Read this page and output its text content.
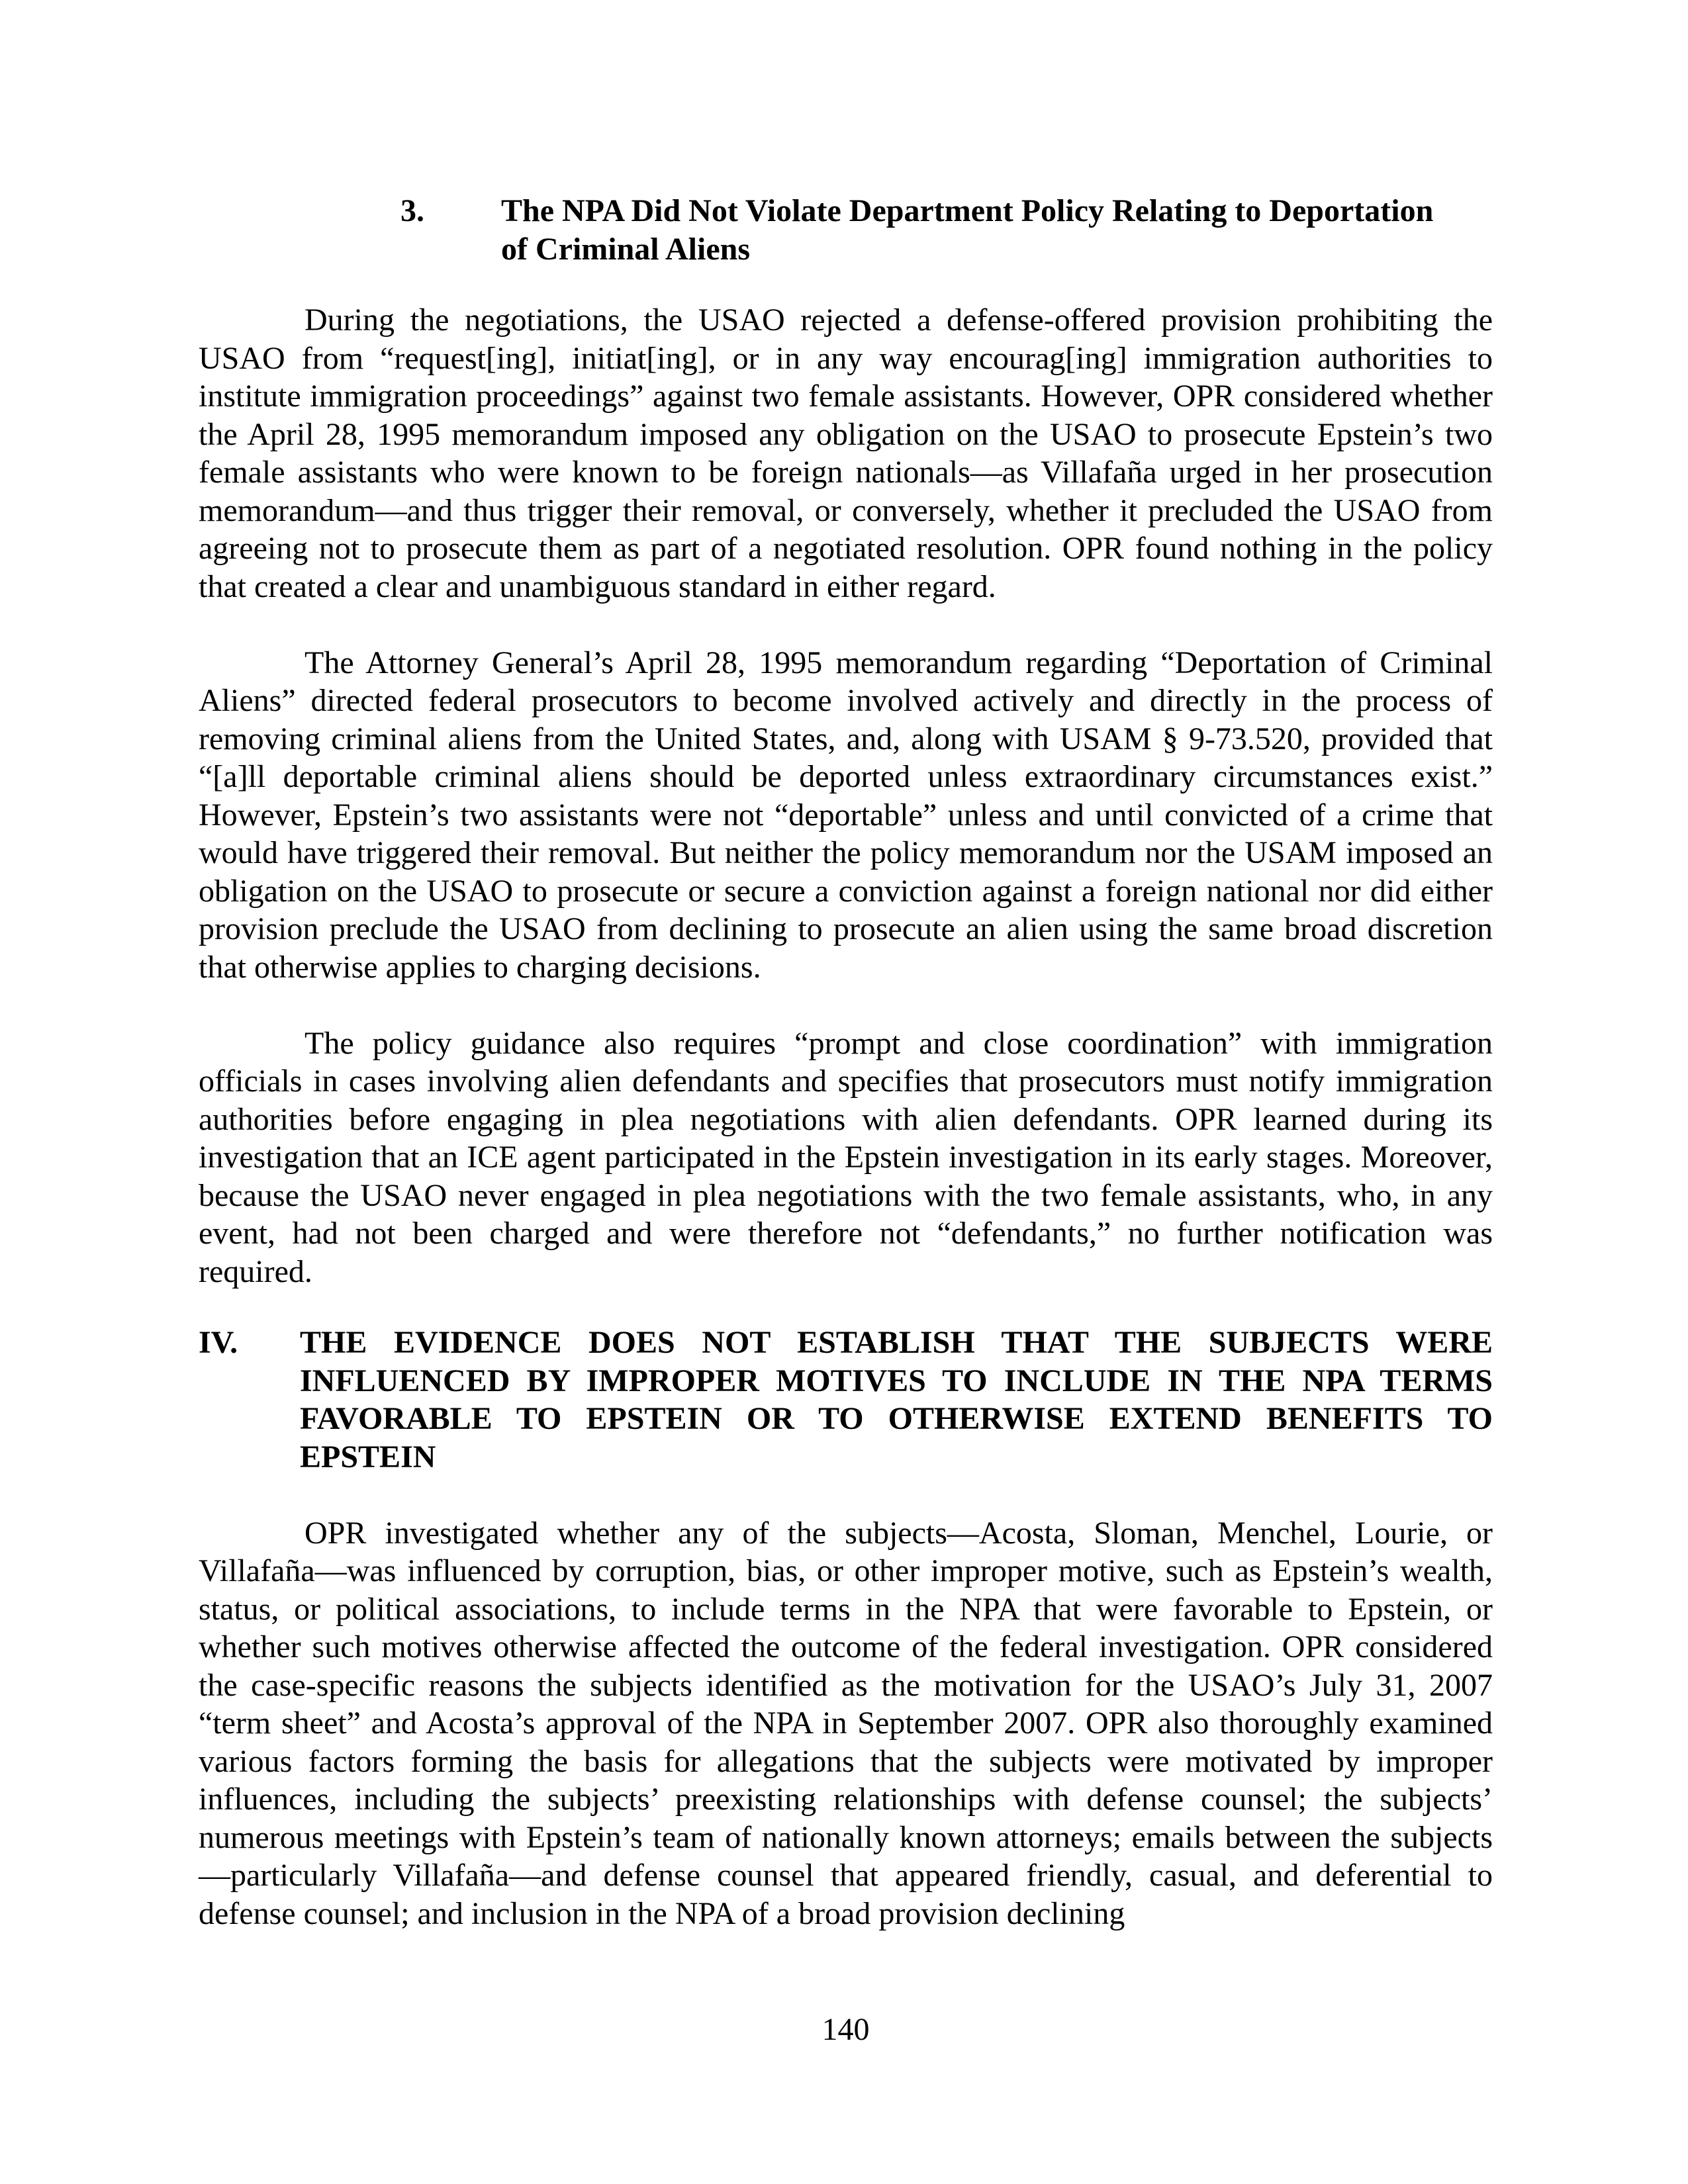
3.	The NPA Did Not Violate Department Policy Relating to Deportation of Criminal Aliens

During the negotiations, the USAO rejected a defense-offered provision prohibiting the USAO from “request[ing], initiat[ing], or in any way encourag[ing] immigration authorities to institute immigration proceedings” against two female assistants. However, OPR considered whether the April 28, 1995 memorandum imposed any obligation on the USAO to prosecute Epstein’s two female assistants who were known to be foreign nationals—as Villafaña urged in her prosecution memorandum—and thus trigger their removal, or conversely, whether it precluded the USAO from agreeing not to prosecute them as part of a negotiated resolution. OPR found nothing in the policy that created a clear and unambiguous standard in either regard.

The Attorney General’s April 28, 1995 memorandum regarding “Deportation of Criminal Aliens” directed federal prosecutors to become involved actively and directly in the process of removing criminal aliens from the United States, and, along with USAM § 9-73.520, provided that “[a]ll deportable criminal aliens should be deported unless extraordinary circumstances exist.” However, Epstein’s two assistants were not “deportable” unless and until convicted of a crime that would have triggered their removal. But neither the policy memorandum nor the USAM imposed an obligation on the USAO to prosecute or secure a conviction against a foreign national nor did either provision preclude the USAO from declining to prosecute an alien using the same broad discretion that otherwise applies to charging decisions.

The policy guidance also requires “prompt and close coordination” with immigration officials in cases involving alien defendants and specifies that prosecutors must notify immigration authorities before engaging in plea negotiations with alien defendants. OPR learned during its investigation that an ICE agent participated in the Epstein investigation in its early stages. Moreover, because the USAO never engaged in plea negotiations with the two female assistants, who, in any event, had not been charged and were therefore not “defendants,” no further notification was required.

IV.	THE EVIDENCE DOES NOT ESTABLISH THAT THE SUBJECTS WERE INFLUENCED BY IMPROPER MOTIVES TO INCLUDE IN THE NPA TERMS FAVORABLE TO EPSTEIN OR TO OTHERWISE EXTEND BENEFITS TO EPSTEIN

OPR investigated whether any of the subjects—Acosta, Sloman, Menchel, Lourie, or Villafaña—was influenced by corruption, bias, or other improper motive, such as Epstein’s wealth, status, or political associations, to include terms in the NPA that were favorable to Epstein, or whether such motives otherwise affected the outcome of the federal investigation. OPR considered the case-specific reasons the subjects identified as the motivation for the USAO’s July 31, 2007 “term sheet” and Acosta’s approval of the NPA in September 2007. OPR also thoroughly examined various factors forming the basis for allegations that the subjects were motivated by improper influences, including the subjects’ preexisting relationships with defense counsel; the subjects’ numerous meetings with Epstein’s team of nationally known attorneys; emails between the subjects—particularly Villafaña—and defense counsel that appeared friendly, casual, and deferential to defense counsel; and inclusion in the NPA of a broad provision declining

140
